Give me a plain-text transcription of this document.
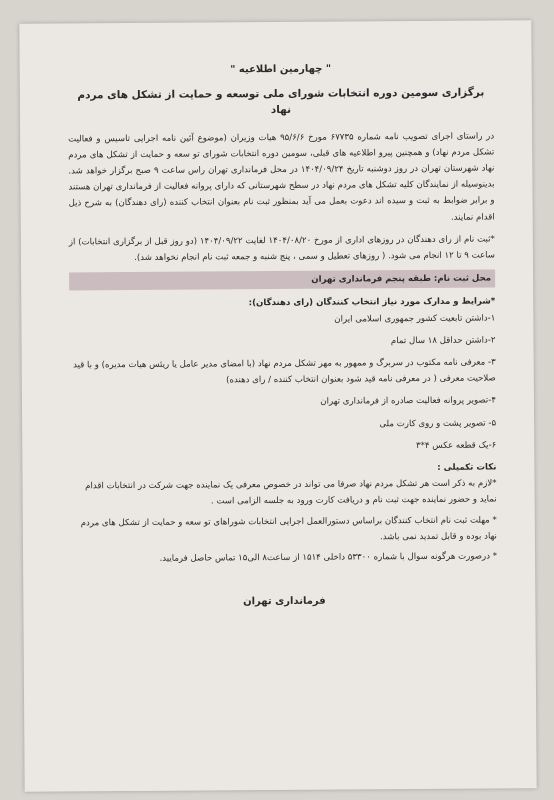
" چهارمین اطلاعیه "
برگزاری سومین دوره انتخابات شورای ملی توسعه و حمایت از تشکل های مردم نهاد

در راستای اجرای تصویب نامه شماره ۶۷۷۳۵ مورخ ۹۵/۶/۶ هیات وزیران (موضوع آئین نامه اجرایی تاسیس و فعالیت تشکل مردم نهاد) و همچنین پیرو اطلاعیه های قبلی، سومین دوره انتخابات شورای تو سعه و حمایت از تشکل های مردم نهاد شهرستان تهران در روز دوشنبه تاریخ ۱۴۰۴/۰۹/۲۴ در محل فرمانداری تهران راس ساعت ۹ صبح برگزار خواهد شد. بدینوسیله از نمایندگان کلیه تشکل های مردم نهاد در سطح شهرستانی که دارای پروانه فعالیت از فرمانداری تهران هستند و برابر ضوابط به ثبت و سیده اند دعوت بعمل می آید بمنظور ثبت نام بعنوان انتخاب کننده (رای دهندگان) به شرح ذیل اقدام نمایند.

*ثبت نام از رای دهندگان در روزهای اداری از مورخ ۱۴۰۴/۰۸/۲۰ لغایت ۱۴۰۴/۰۹/۲۲ (دو روز قبل از برگزاری انتخابات) از ساعت ۹ تا ۱۲ انجام می شود. ( روزهای تعطیل و سمی ، پنج شنبه و جمعه ثبت نام انجام نخواهد شد).

محل ثبت نام: طبقه پنجم فرمانداری تهران

*شرایط و مدارک مورد نیاز انتخاب کنندگان (رای دهندگان):

۱-داشتن تابعیت کشور جمهوری اسلامی ایران

۲-داشتن حداقل ۱۸ سال تمام

۳- معرفی نامه مکتوب در سربرگ و ممهور به مهر تشکل مردم نهاد (با امضای مدیر عامل یا ریئس هیات مدیره) و با قید صلاحیت معرفی ( در معرفی نامه قید شود بعنوان انتخاب کننده / رای دهنده)

۴-تصویر پروانه فعالیت صادره از فرمانداری تهران

۵- تصویر پشت و روی کارت ملی

۶-یک قطعه عکس ۴*۳

نکات تکمیلی :

*لازم به ذکر است هر تشکل مردم نهاد صرفا می تواند در خصوص معرفی یک نماینده جهت شرکت در انتخابات اقدام نماید و حضور نماینده جهت ثبت نام و دریافت کارت ورود به جلسه الزامی است .

* مهلت ثبت نام انتخاب کنندگان براساس دستورالعمل اجرایی انتخابات شوراهای تو سعه و حمایت از تشکل های مردم نهاد بوده و قابل تمدید نمی باشد.

* درصورت هرگونه سوال با شماره ۵۳۳۰۰ داخلی ۱۵۱۴ از ساعت۸ الی۱۵ تماس حاصل فرمایید.

فرمانداری تهران
